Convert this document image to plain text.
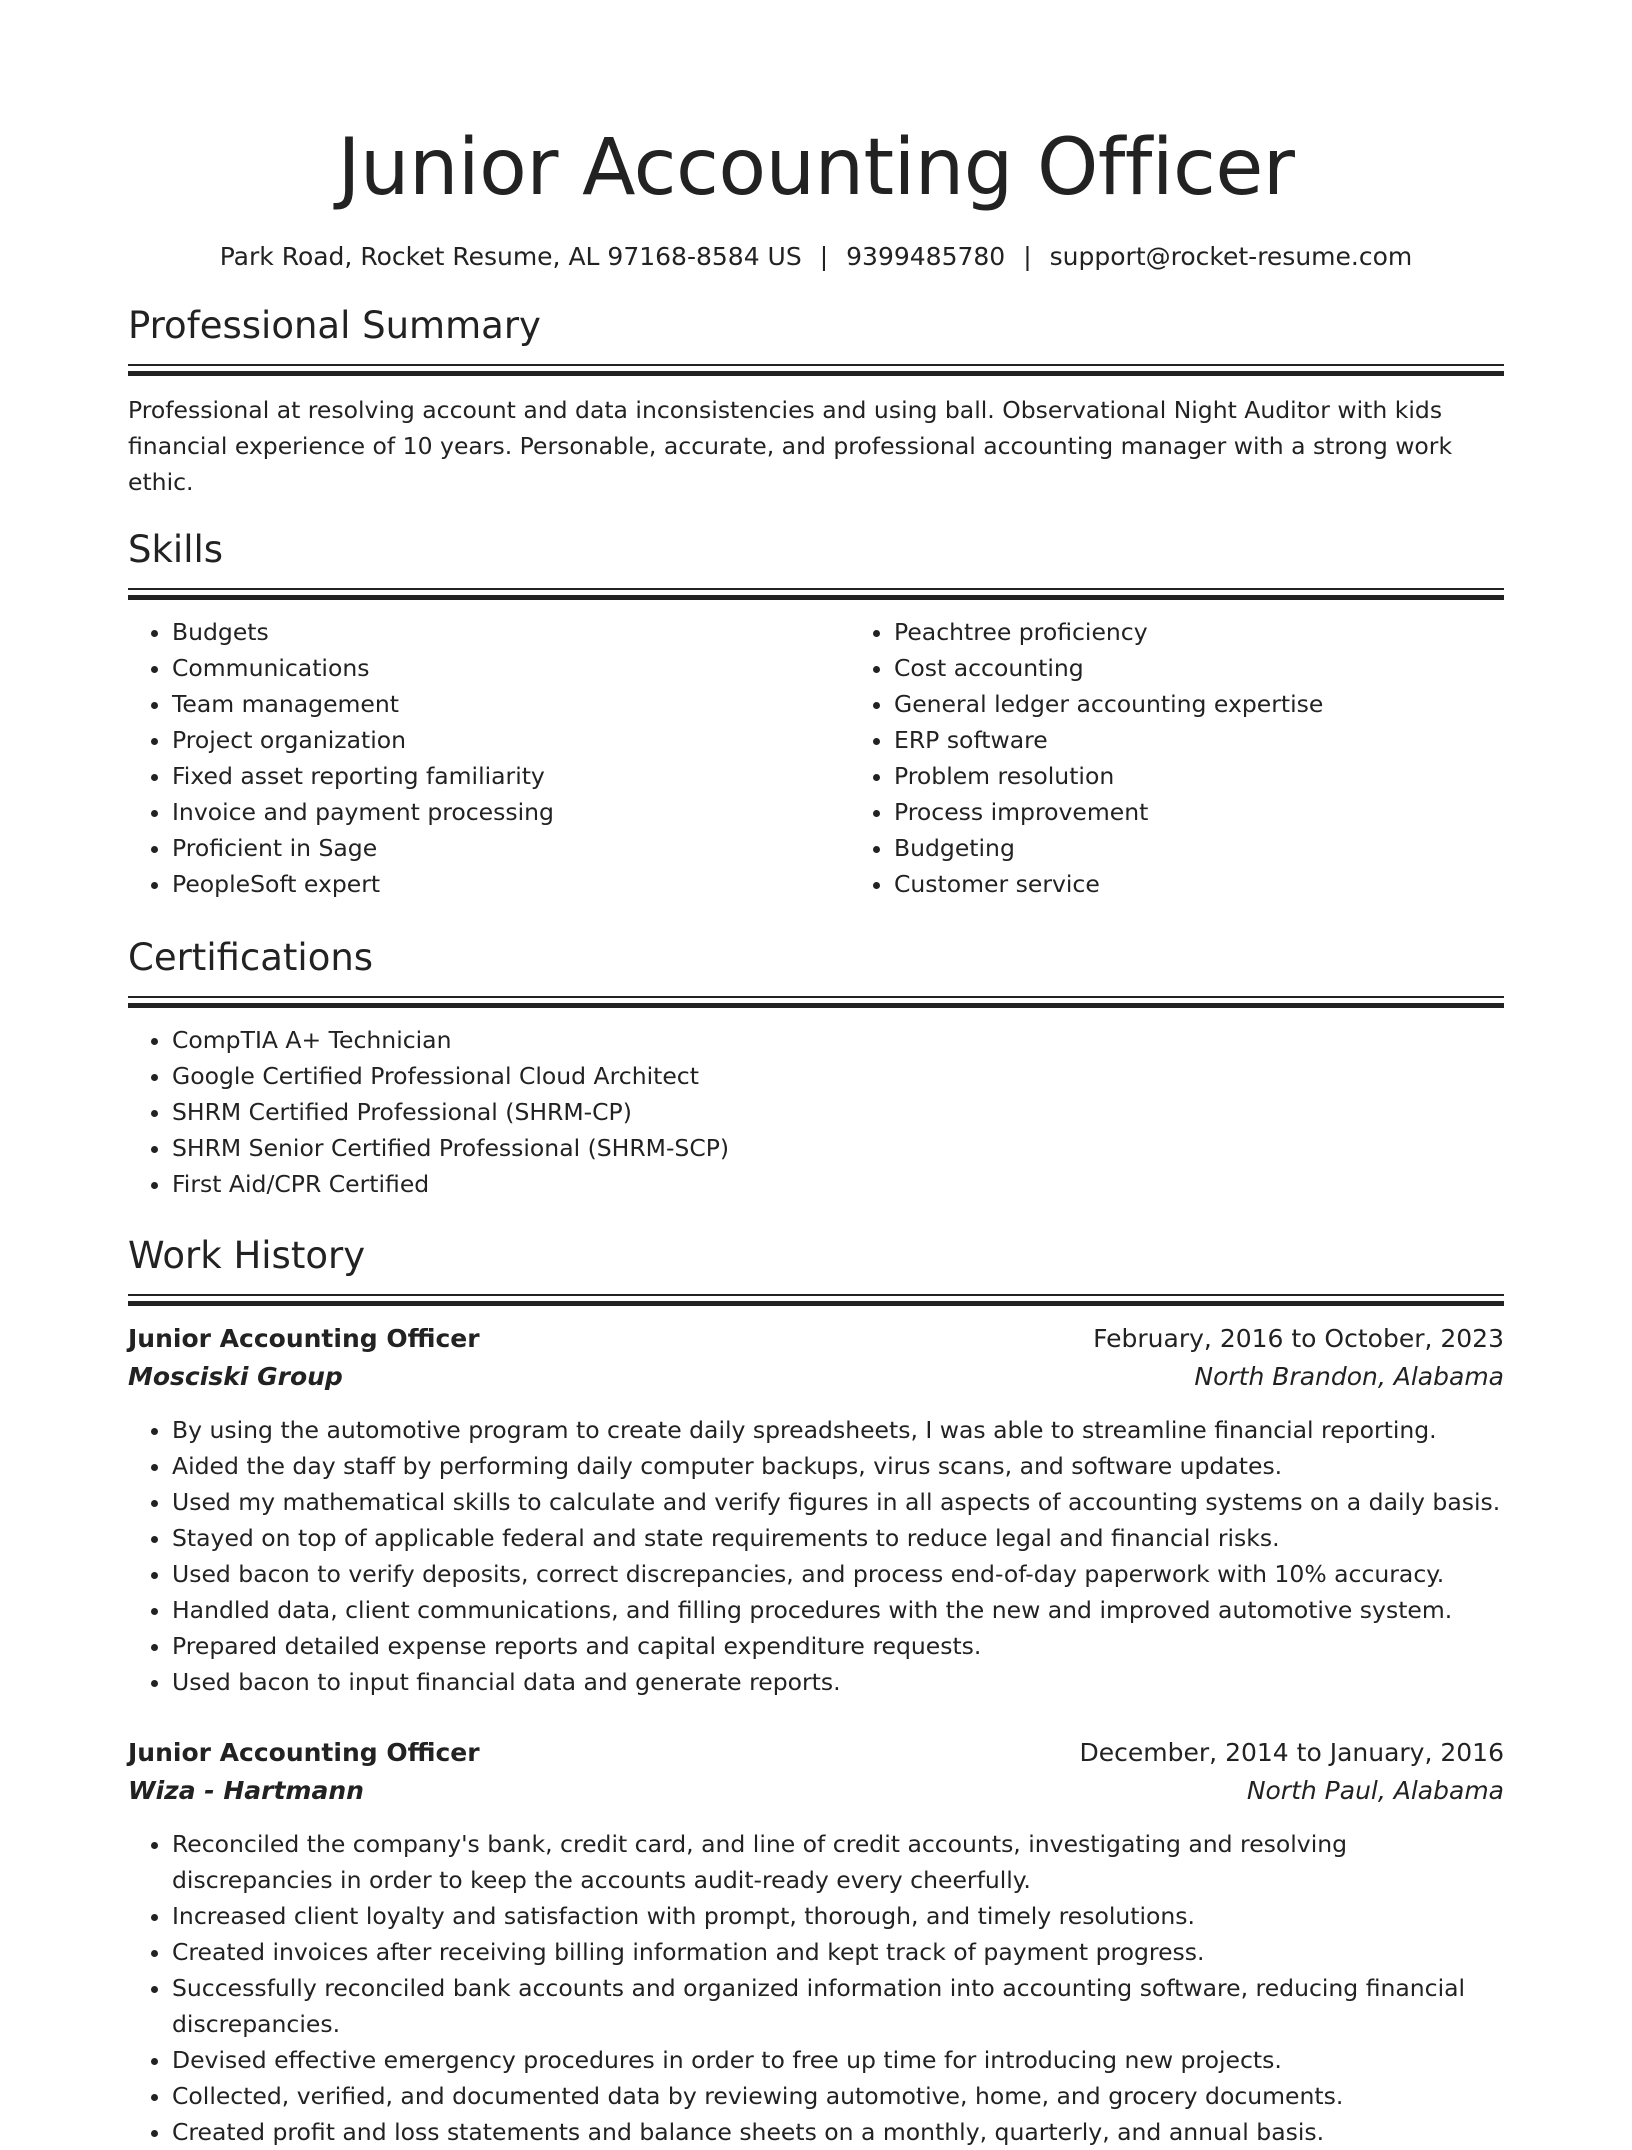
Junior Accounting Officer
Park Road, Rocket Resume, AL 97168-8584 US | 9399485780 | support@rocket-resume.com
Professional Summary

Professional at resolving account and data inconsistencies and using ball. Observational Night Auditor with kids financial experience of 10 years. Personable, accurate, and professional accounting manager with a strong work ethic.

Skills
• Budgets
• Communications
• Team management
• Project organization
• Fixed asset reporting familiarity
• Invoice and payment processing
• Proficient in Sage
• PeopleSoft expert
• Peachtree proficiency
• Cost accounting
• General ledger accounting expertise
• ERP software
• Problem resolution
• Process improvement
• Budgeting
• Customer service
Certifications
• CompTIA A+ Technician
• Google Certified Professional Cloud Architect
• SHRM Certified Professional (SHRM-CP)
• SHRM Senior Certified Professional (SHRM-SCP)
• First Aid/CPR Certified
Work History
Junior Accounting Officer	February, 2016 to October, 2023
Mosciski Group	North Brandon, Alabama
• By using the automotive program to create daily spreadsheets, I was able to streamline financial reporting.
• Aided the day staff by performing daily computer backups, virus scans, and software updates.
• Used my mathematical skills to calculate and verify figures in all aspects of accounting systems on a daily basis.
• Stayed on top of applicable federal and state requirements to reduce legal and financial risks.
• Used bacon to verify deposits, correct discrepancies, and process end-of-day paperwork with 10% accuracy.
• Handled data, client communications, and filling procedures with the new and improved automotive system.
• Prepared detailed expense reports and capital expenditure requests.
• Used bacon to input financial data and generate reports.
Junior Accounting Officer	December, 2014 to January, 2016
Wiza - Hartmann	North Paul, Alabama
• Reconciled the company's bank, credit card, and line of credit accounts, investigating and resolving discrepancies in order to keep the accounts audit-ready every cheerfully.
• Increased client loyalty and satisfaction with prompt, thorough, and timely resolutions.
• Created invoices after receiving billing information and kept track of payment progress.
• Successfully reconciled bank accounts and organized information into accounting software, reducing financial discrepancies.
• Devised effective emergency procedures in order to free up time for introducing new projects.
• Collected, verified, and documented data by reviewing automotive, home, and grocery documents.
• Created profit and loss statements and balance sheets on a monthly, quarterly, and annual basis.
